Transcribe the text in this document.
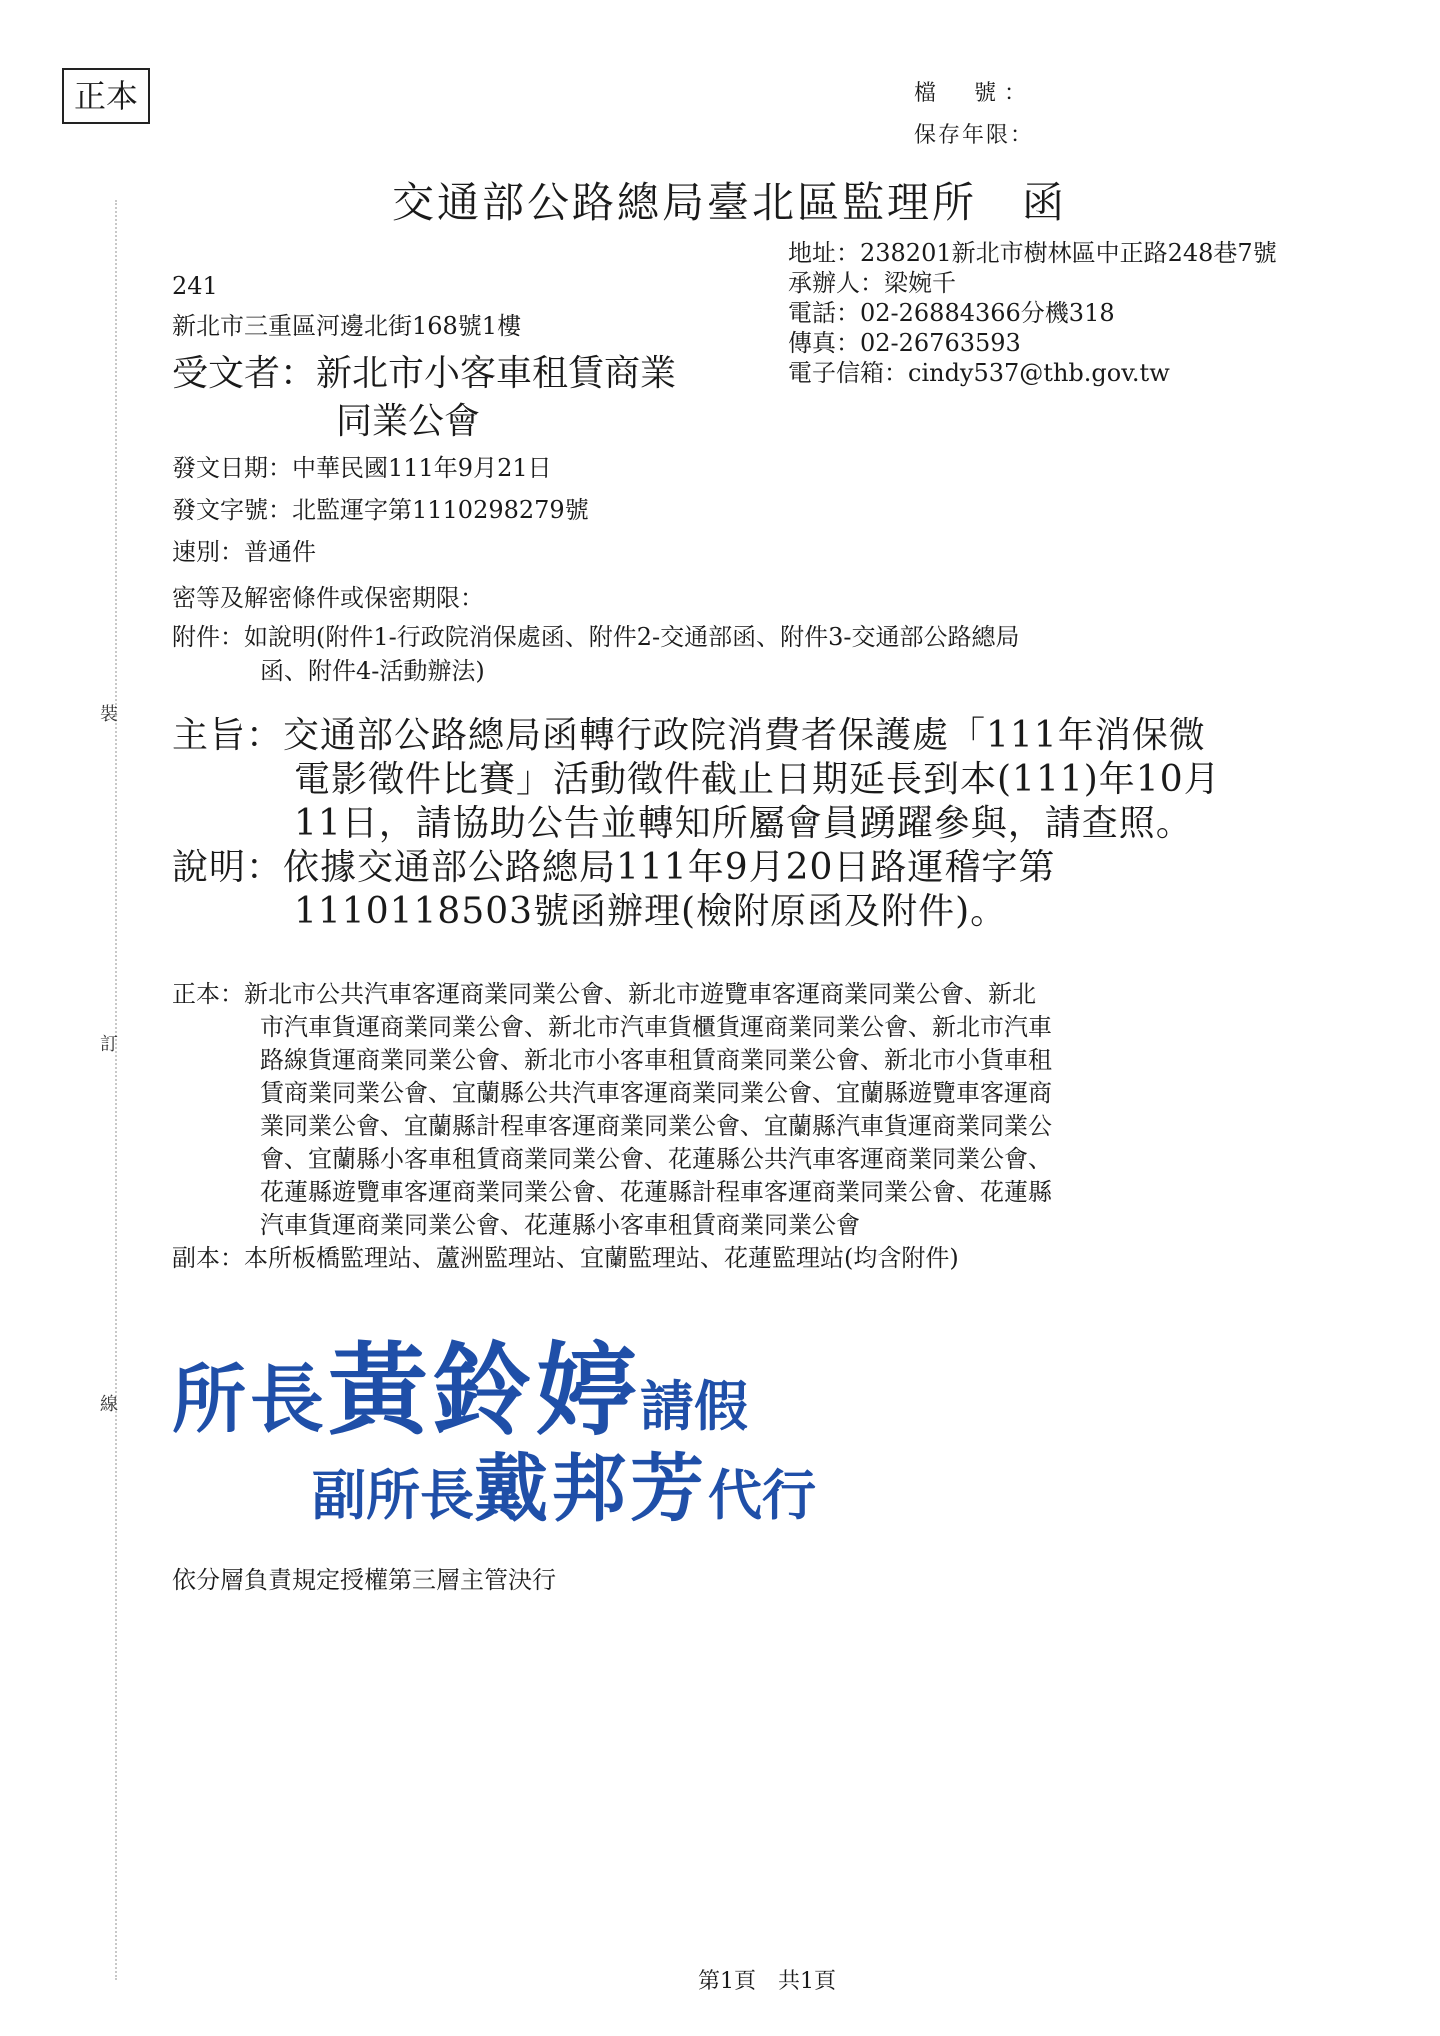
裝
訂
線
正本	檔　號：
保存年限：
交通部公路總局臺北區監理所　函
地址：238201新北市樹林區中正路248巷7號
承辦人：梁婉千
電話：02-26884366分機318
傳真：02-26763593
電子信箱：cindy537@thb.gov.tw
241
新北市三重區河邊北街168號1樓
受文者：新北市小客車租賃商業
同業公會
發文日期：中華民國111年9月21日
發文字號：北監運字第1110298279號
速別：普通件
密等及解密條件或保密期限：
附件：如說明(附件1-行政院消保處函、附件2-交通部函、附件3-交通部公路總局
函、附件4-活動辦法)
主旨：交通部公路總局函轉行政院消費者保護處「111年消保微
電影徵件比賽」活動徵件截止日期延長到本(111)年10月
11日，請協助公告並轉知所屬會員踴躍參與，請查照。
說明：依據交通部公路總局111年9月20日路運稽字第
1110118503號函辦理(檢附原函及附件)。
正本：新北市公共汽車客運商業同業公會、新北市遊覽車客運商業同業公會、新北
市汽車貨運商業同業公會、新北市汽車貨櫃貨運商業同業公會、新北市汽車
路線貨運商業同業公會、新北市小客車租賃商業同業公會、新北市小貨車租
賃商業同業公會、宜蘭縣公共汽車客運商業同業公會、宜蘭縣遊覽車客運商
業同業公會、宜蘭縣計程車客運商業同業公會、宜蘭縣汽車貨運商業同業公
會、宜蘭縣小客車租賃商業同業公會、花蓮縣公共汽車客運商業同業公會、
花蓮縣遊覽車客運商業同業公會、花蓮縣計程車客運商業同業公會、花蓮縣
汽車貨運商業同業公會、花蓮縣小客車租賃商業同業公會
副本：本所板橋監理站、蘆洲監理站、宜蘭監理站、花蓮監理站(均含附件)
所長黃鈴婷請假
副所長戴邦芳代行
依分層負責規定授權第三層主管決行
第1頁　共1頁
